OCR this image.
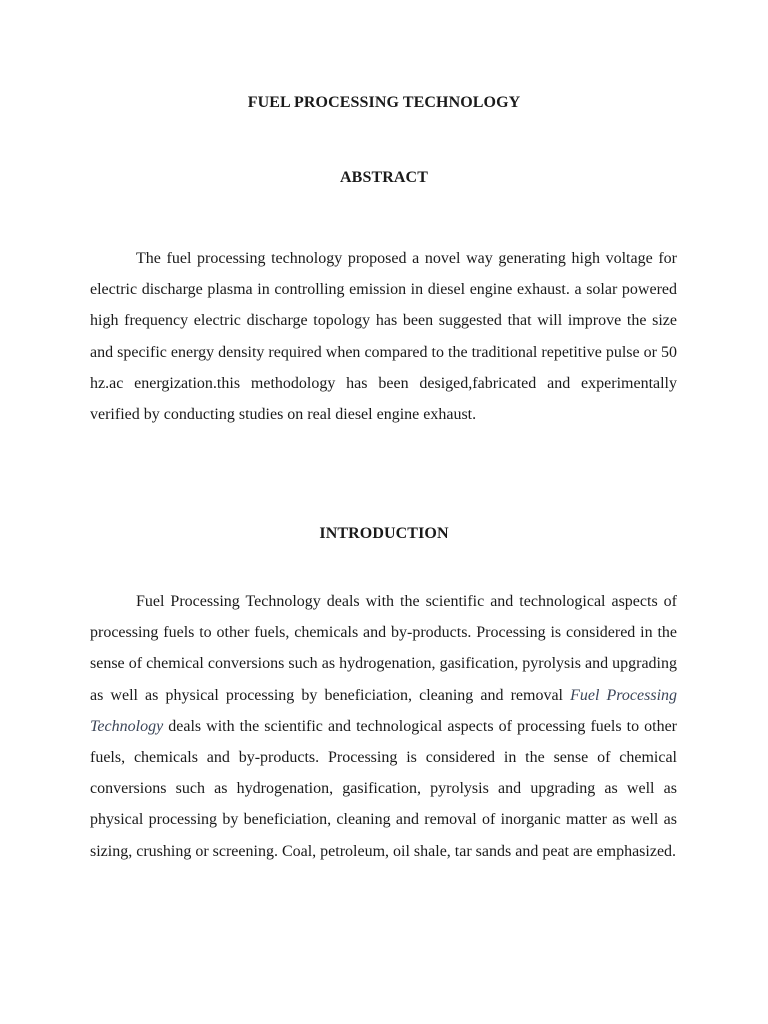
FUEL PROCESSING TECHNOLOGY
ABSTRACT

The fuel processing technology proposed a novel way generating high voltage for electric discharge plasma in controlling emission in diesel engine exhaust. a solar powered high frequency electric discharge topology has been suggested that will improve the size and specific energy density required when compared to the traditional repetitive pulse or 50 hz.ac energization.this methodology has been desiged,fabricated and experimentally verified by conducting studies on real diesel engine exhaust.

INTRODUCTION

Fuel Processing Technology deals with the scientific and technological aspects of processing fuels to other fuels, chemicals and by-products. Processing is considered in the sense of chemical conversions such as hydrogenation, gasification, pyrolysis and upgrading as well as physical processing by beneficiation, cleaning and removal Fuel Processing Technology deals with the scientific and technological aspects of processing fuels to other fuels, chemicals and by-products. Processing is considered in the sense of chemical conversions such as hydrogenation, gasification, pyrolysis and upgrading as well as physical processing by beneficiation, cleaning and removal of inorganic matter as well as sizing, crushing or screening. Coal, petroleum, oil shale, tar sands and peat are emphasized.
